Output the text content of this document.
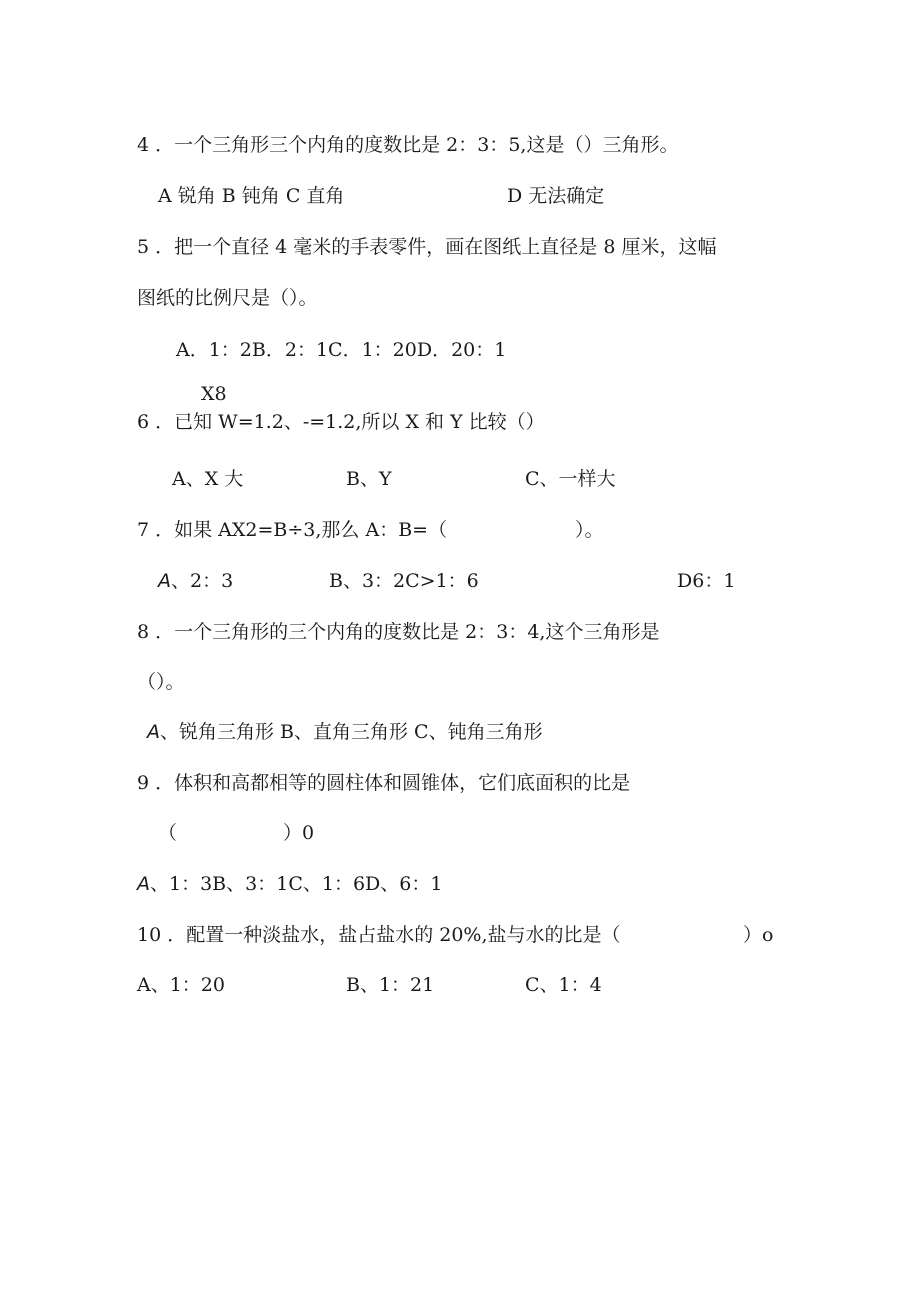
4 ．一个三角形三个内角的度数比是 2：3：5,这是（）三角形。
A 锐角 B 钝角 C 直角	D 无法确定
5 ．把一个直径 4 毫米的手表零件，画在图纸上直径是 8 厘米，这幅
图纸的比例尺是（）。
A．1：2B．2：1C．1：20D．20：1
X8
6 ．已知 W=1.2、-=1.2,所以 X 和 Y 比较（）
A、X 大	B、Y	C、一样大
7 ．如果 AX2=B÷3,那么 A：B=（	）。
A、2：3	B、3：2C>1：6	D6：1
8 ．一个三角形的三个内角的度数比是 2：3：4,这个三角形是
（）。
A、锐角三角形 B、直角三角形 C、钝角三角形
9 ．体积和高都相等的圆柱体和圆锥体，它们底面积的比是
（	）0
A、1：3B、3：1C、1：6D、6：1
10 ．配置一种淡盐水，盐占盐水的 20%,盐与水的比是（	）o
A、1：20	B、1：21	C、1：4
